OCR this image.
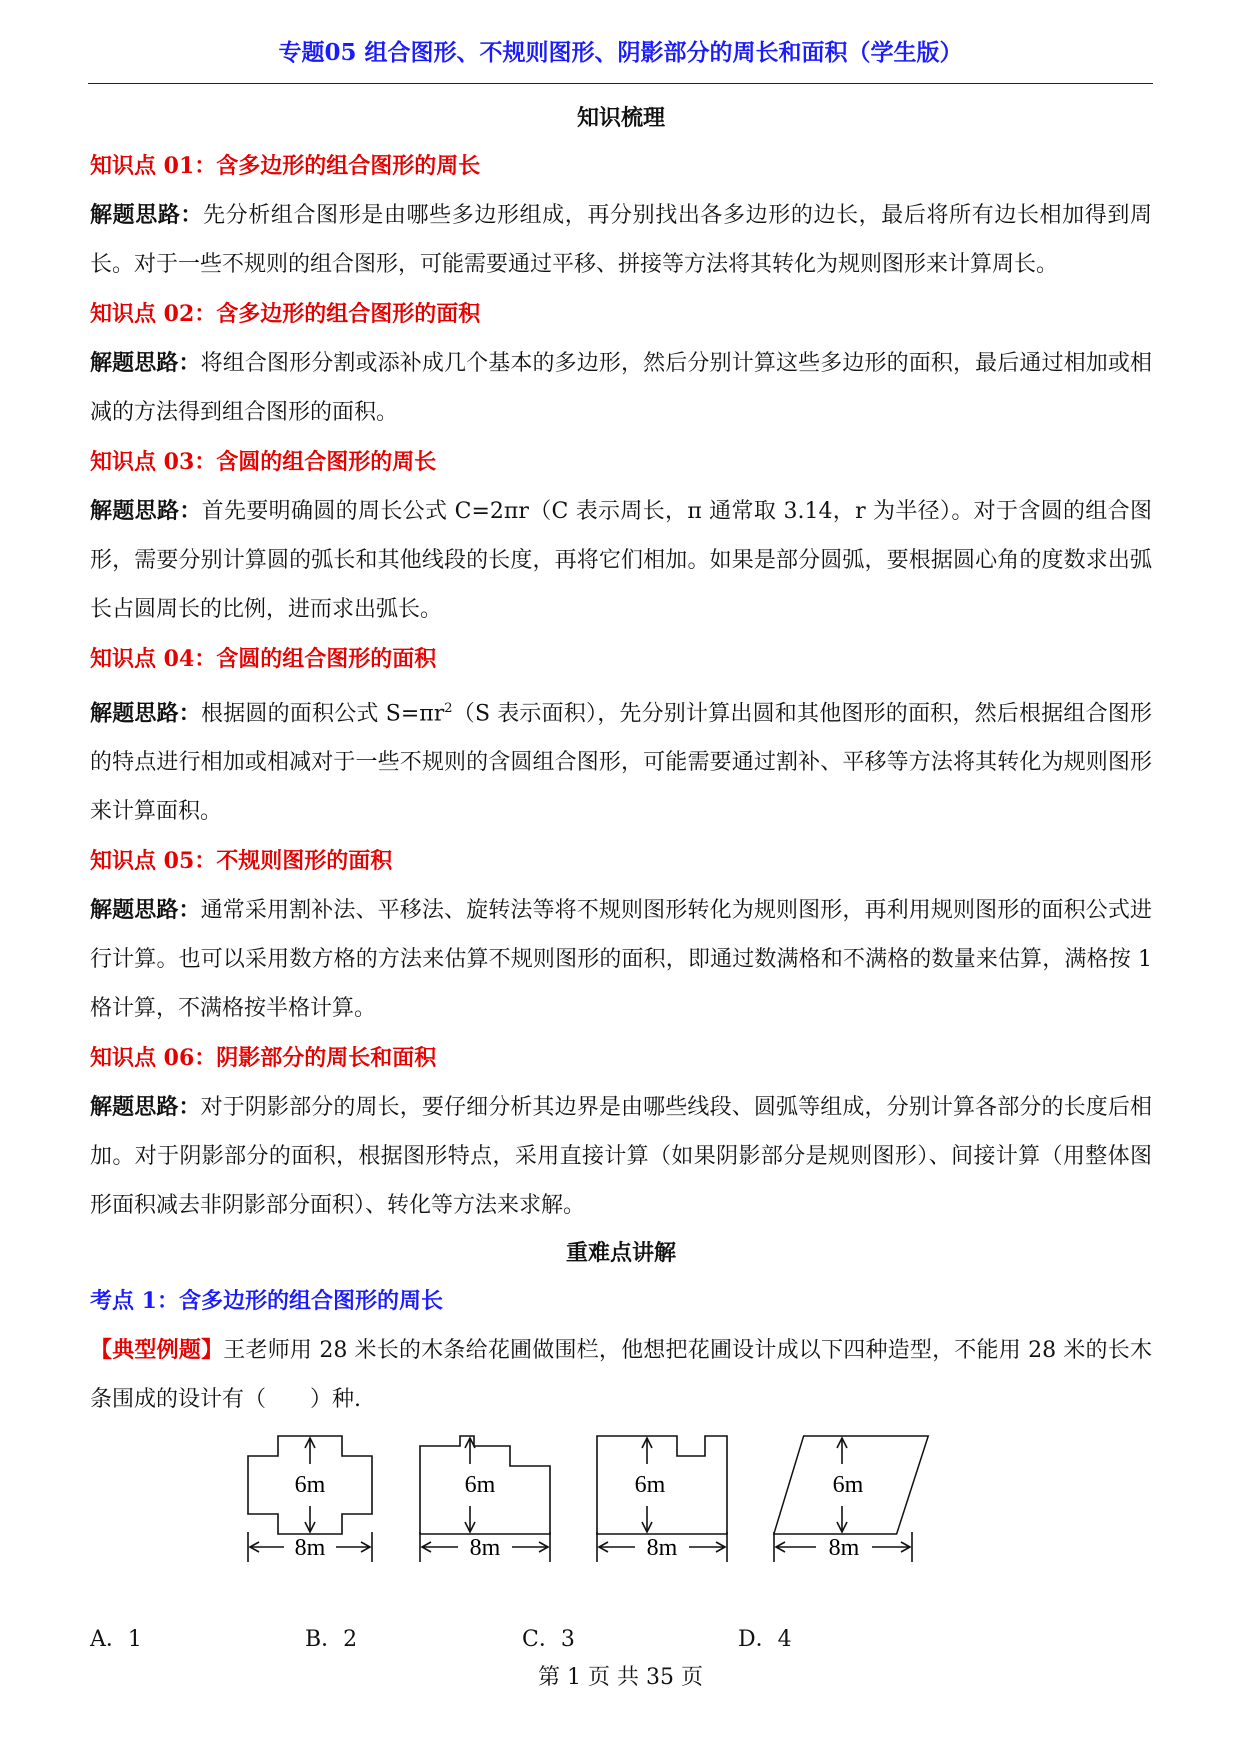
专题05 组合图形、不规则图形、阴影部分的周长和面积（学生版）
知识梳理
知识点 01：含多边形的组合图形的周长

解题思路：先分析组合图形是由哪些多边形组成，再分别找出各多边形的边长，最后将所有边长相加得到周长。对于一些不规则的组合图形，可能需要通过平移、拼接等方法将其转化为规则图形来计算周长。

知识点 02：含多边形的组合图形的面积

解题思路：将组合图形分割或添补成几个基本的多边形，然后分别计算这些多边形的面积，最后通过相加或相减的方法得到组合图形的面积。

知识点 03：含圆的组合图形的周长

解题思路：首先要明确圆的周长公式 C=2πr（C 表示周长，π 通常取 3.14，r 为半径）。对于含圆的组合图形，需要分别计算圆的弧长和其他线段的长度，再将它们相加。如果是部分圆弧，要根据圆心角的度数求出弧长占圆周长的比例，进而求出弧长。

知识点 04：含圆的组合图形的面积

解题思路：根据圆的面积公式 $S=\pi r^2(S$ 表示面积），先分别计算出圆和其他图形的面积，然后根据组合图形的特点进行相加或相减对于一些不规则的含圆组合图形，可能需要通过割补、平移等方法将其转化为规则图形来计算面积。

知识点 05：不规则图形的面积

解题思路：通常采用割补法、平移法、旋转法等将不规则图形转化为规则图形，再利用规则图形的面积公式进行计算。也可以采用数方格的方法来估算不规则图形的面积，即通过数满格和不满格的数量来估算，满格按 1 格计算，不满格按半格计算。

知识点 06：阴影部分的周长和面积

解题思路：对于阴影部分的周长，要仔细分析其边界是由哪些线段、圆弧等组成，分别计算各部分的长度后相加。对于阴影部分的面积，根据图形特点，采用直接计算（如果阴影部分是规则图形）、间接计算（用整体图形面积减去非阴影部分面积）、转化等方法来求解。

重难点讲解
考点 1：含多边形的组合图形的周长

【典型例题】王老师用 28 米长的木条给花圃做围栏，他想把花圃设计成以下四种造型，不能用 28 米的长木条围成的设计有（　　）种.

6m
8m
6m
8m
6m
8m
6m
8m
A．1	B．2	C．3	D．4
第 1 页 共 35 页
